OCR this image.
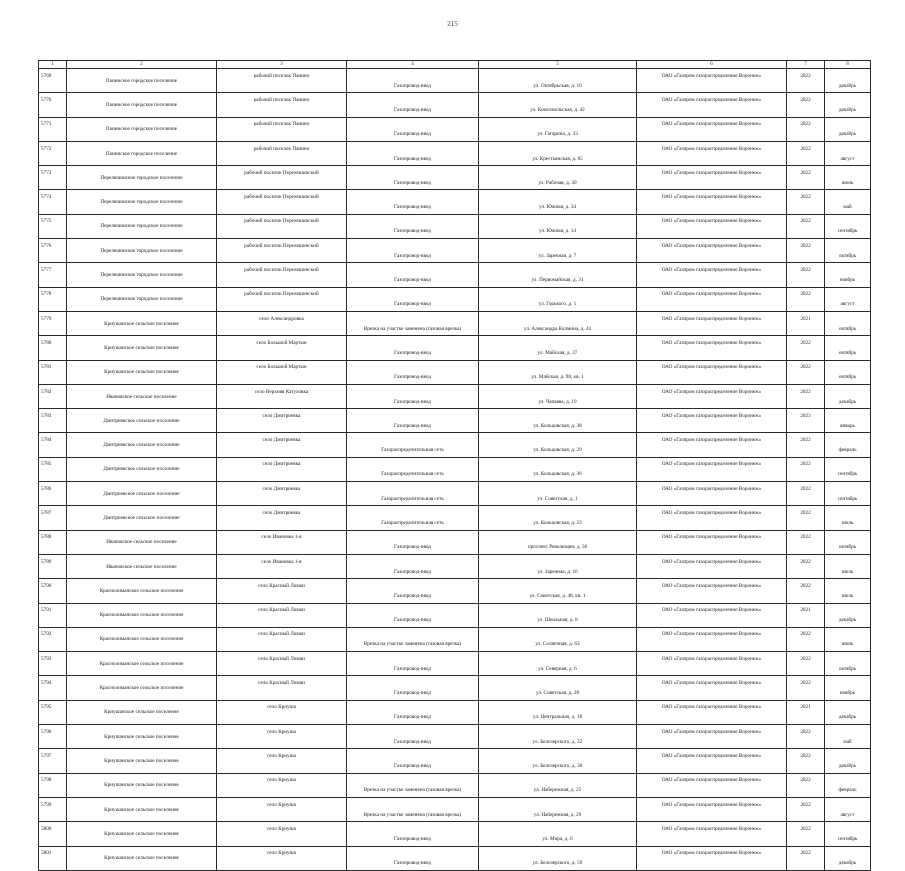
215
1	2	3	4	5	6	7	8
5769	Панинское городское поселение	рабочий поселок Панино	Газопровод-ввод	ул. Октябрьская, д. 10	ОАО «Газпром газораспределение Воронеж»	2022	декабрь
5770	Панинское городское поселение	рабочий поселок Панино	Газопровод-ввод	ул. Комсомольская, д. 42	ОАО «Газпром газораспределение Воронеж»	2022	декабрь
5771	Панинское городское поселение	рабочий поселок Панино	Газопровод-ввод	ул. Гагарина, д. 33	ОАО «Газпром газораспределение Воронеж»	2022	декабрь
5772	Панинское городское поселение	рабочий поселок Панино	Газопровод-ввод	ул. Крестьянская, д. 65	ОАО «Газпром газораспределение Воронеж»	2022	август
5773	Перелешинское городское поселение	рабочий поселок Перелешинский	Газопровод-ввод	ул. Рабочая, д. 30	ОАО «Газпром газораспределение Воронеж»	2022	июнь
5774	Перелешинское городское поселение	рабочий поселок Перелешинский	Газопровод-ввод	ул. Южная, д. 34	ОАО «Газпром газораспределение Воронеж»	2022	май
5775	Перелешинское городское поселение	рабочий поселок Перелешинский	Газопровод-ввод	ул. Южная, д. 14	ОАО «Газпром газораспределение Воронеж»	2022	сентябрь
5776	Перелешинское городское поселение	рабочий поселок Перелешинский	Газопровод-ввод	ул. Заречная, д. 7	ОАО «Газпром газораспределение Воронеж»	2022	октябрь
5777	Перелешинское городское поселение	рабочий поселок Перелешинский	Газопровод-ввод	ул. Первомайская, д. 31	ОАО «Газпром газораспределение Воронеж»	2022	ноябрь
5778	Перелешинское городское поселение	рабочий поселок Перелешинский	Газопровод-ввод	ул. Горького, д. 1	ОАО «Газпром газораспределение Воронеж»	2022	август
5779	Криушанское сельское поселение	село Александровка	Врезка на участке заменена (газовая врезка)	ул. Александра Калмина, д. 43	ОАО «Газпром газораспределение Воронеж»	2021	октябрь
5780	Криушанское сельское поселение	село Большой Мартын	Газопровод-ввод	ул. Майская, д. 37	ОАО «Газпром газораспределение Воронеж»	2022	октябрь
5781	Криушанское сельское поселение	село Большой Мартын	Газопровод-ввод	ул. Майская, д. 98, кв. 1	ОАО «Газпром газораспределение Воронеж»	2022	октябрь
5782	Ивановское сельское поселение	село Верхняя Катуховка	Газопровод-ввод	ул. Чапаева, д. 19	ОАО «Газпром газораспределение Воронеж»	2022	декабрь
5783	Дмитриевское сельское поселение	село Дмитриевка	Газопровод-ввод	ул. Кольцовская, д. 38	ОАО «Газпром газораспределение Воронеж»	2023	январь
5784	Дмитриевское сельское поселение	село Дмитриевка	Газораспределительная сеть	ул. Кольцовская, д. 29	ОАО «Газпром газораспределение Воронеж»	2022	февраль
5785	Дмитриевское сельское поселение	село Дмитриевка	Газораспределительная сеть	ул. Кольцовская, д. 36	ОАО «Газпром газораспределение Воронеж»	2022	сентябрь
5786	Дмитриевское сельское поселение	село Дмитриевка	Газораспределительная сеть	ул. Советская, д. 1	ОАО «Газпром газораспределение Воронеж»	2022	сентябрь
5787	Дмитриевское сельское поселение	село Дмитриевка	Газораспределительная сеть	ул. Кольцовская, д. 23	ОАО «Газпром газораспределение Воронеж»	2022	июль
5788	Ивановское сельское поселение	село Ивановка 1-я	Газопровод-ввод	проспект Революции, д. 36	ОАО «Газпром газораспределение Воронеж»	2022	октябрь
5789	Ивановское сельское поселение	село Ивановка 1-я	Газопровод-ввод	ул. Заречная, д. 16	ОАО «Газпром газораспределение Воронеж»	2022	июль
5790	Краснолиманское сельское поселение	село Красный Лиман	Газопровод-ввод	ул. Советская, д. 48, кв. 1	ОАО «Газпром газораспределение Воронеж»	2022	июль
5791	Краснолиманское сельское поселение	село Красный Лиман	Газопровод-ввод	ул. Школьная, д. 8	ОАО «Газпром газораспределение Воронеж»	2021	декабрь
5792	Краснолиманское сельское поселение	село Красный Лиман	Врезка на участке заменена (газовая врезка)	ул. Солнечная, д. 63	ОАО «Газпром газораспределение Воронеж»	2022	июнь
5793	Краснолиманское сельское поселение	село Красный Лиман	Газопровод-ввод	ул. Северная, д. 6	ОАО «Газпром газораспределение Воронеж»	2022	октябрь
5794	Краснолиманское сельское поселение	село Красный Лиман	Газопровод-ввод	ул. Советская, д. 28	ОАО «Газпром газораспределение Воронеж»	2022	ноябрь
5795	Криушанское сельское поселение	село Криуша	Газопровод-ввод	ул. Центральная, д. 18	ОАО «Газпром газораспределение Воронеж»	2021	декабрь
5796	Криушанское сельское поселение	село Криуша	Газопровод-ввод	ул. Белозерского, д. 22	ОАО «Газпром газораспределение Воронеж»	2022	май
5797	Криушанское сельское поселение	село Криуша	Газопровод-ввод	ул. Белозерского, д. 30	ОАО «Газпром газораспределение Воронеж»	2022	декабрь
5798	Криушанское сельское поселение	село Криуша	Врезка на участке заменена (газовая врезка)	ул. Набережная, д. 25	ОАО «Газпром газораспределение Воронеж»	2022	февраль
5799	Криушанское сельское поселение	село Криуша	Врезка на участке заменена (газовая врезка)	ул. Набережная, д. 29	ОАО «Газпром газораспределение Воронеж»	2022	август
5800	Криушанское сельское поселение	село Криуша	Газопровод-ввод	ул. Мира, д. 6	ОАО «Газпром газораспределение Воронеж»	2022	сентябрь
5801	Криушанское сельское поселение	село Криуша	Газопровод-ввод	ул. Белозерского, д. 59	ОАО «Газпром газораспределение Воронеж»	2022	декабрь
